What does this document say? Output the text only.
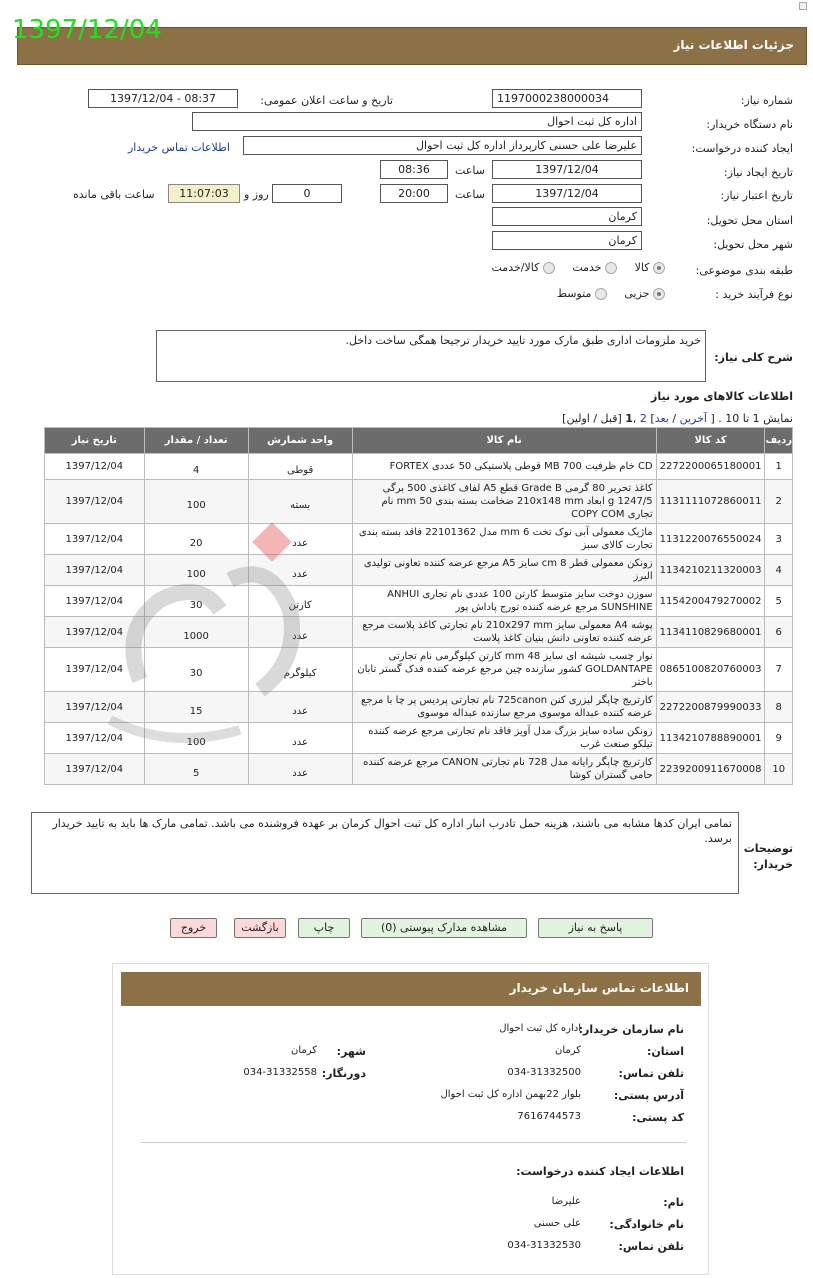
جزئیات اطلاعات نیاز
1397/12/04
شماره نیاز:
1197000238000034
تاریخ و ساعت اعلان عمومی:
1397/12/04 - 08:37
نام دستگاه خریدار:
اداره کل ثبت احوال
ایجاد کننده درخواست:
علیرضا علی حسنی کارپرداز اداره کل ثبت احوال
اطلاعات تماس خریدار
تاریخ ایجاد نیاز:
1397/12/04
ساعت
08:36
تاریخ اعتبار نیاز:
1397/12/04
ساعت
20:00
0
روز و
11:07:03
ساعت باقی مانده
استان محل تحویل:
کرمان
شهر محل تحویل:
کرمان
طبقه بندی موضوعی:
کالا  خدمت  کالا/خدمت
نوع فرآیند خرید :
جزیی  متوسط
شرح کلی نیاز:
خرید ملزومات اداری طبق مارک مورد تایید خریدار ترجیحا همگی ساخت داخل.
اطلاعات کالاهای مورد نیاز
نمایش 1 تا 10 . [ آخرین / بعد] 2 ,1 [قبل / اولین]
ردیف	کد کالا	نام کالا	واحد شمارش	تعداد / مقدار	تاریخ نیاز
1	2272200065180001	CD خام ظرفیت 700 MB قوطی پلاستیکی 50 عددی FORTEX	قوطی	4	1397/12/04
2	1131111072860011	کاغذ تحریر 80 گرمی Grade B قطع A5 لفاف کاغذی 500 برگی 1247/5 g ابعاد 210x148 mm ضخامت بسته بندی 50 mm نام تجاری COPY COM	بسته	100	1397/12/04
3	1131220076550024	ماژیک معمولی آبی نوک تخت 6 mm مدل 22101362 فاقد بسته بندی تجارت کالای سبز	عدد	20	1397/12/04
4	1134210211320003	زونکن معمولی قطر 8 cm سایز A5 مرجع عرضه کننده تعاونی تولیدی البرز	عدد	100	1397/12/04
5	1154200479270002	سوزن دوخت سایز متوسط کارتن 100 عددی نام تجاری ANHUI SUNSHINE مرجع عرضه کننده تورج پاداش پور	کارتن	30	1397/12/04
6	1134110829680001	پوشه A4 معمولی سایز 210x297 mm نام تجارتی کاغذ پلاست مرجع عرضه کننده تعاونی دانش بنیان کاغذ پلاست	عدد	1000	1397/12/04
7	0865100820760003	نوار چسب شیشه ای سایز 48 mm کارتن کیلوگرمی نام تجارتی GOLDANTAPE کشور سازنده چین مرجع عرضه کننده فدک گستر تابان باختر	کیلوگرم	30	1397/12/04
8	2272200879990033	کارتریج چاپگر لیزری کنن 725canon نام تجارتی پردیس پر چا با مرجع عرضه کننده عبداله موسوی مرجع سازنده عبداله موسوی	عدد	15	1397/12/04
9	1134210788890001	زونکن ساده سایز بزرگ مدل آویز فاقد نام تجارتی مرجع عرضه کننده تیلکو صنعت غرب	عدد	100	1397/12/04
10	2239200911670008	کارتریج چاپگر رایانه مدل 728 نام تجارتی CANON مرجع عرضه کننده حامی گستران کوشا	عدد	5	1397/12/04
توضیحات
خریدار:
تمامی ایران کدها مشابه می باشند، هزینه حمل تادرب انبار اداره کل ثبت احوال کرمان بر عهده فروشنده می باشد. تمامی مارک ها باید به تایید خریدار برسد.
پاسخ به نیاز
مشاهده مدارک پیوستی (0)
چاپ
بازگشت
خروج
اطلاعات تماس سازمان خریدار
نام سازمان خریدار:
اداره کل ثبت احوال
استان:
کرمان
شهر:
کرمان
تلفن تماس:
034-31332500
دورنگار:
034-31332558
آدرس پستی:
بلوار 22بهمن اداره کل ثبت احوال
کد پستی:
7616744573
اطلاعات ایجاد کننده درخواست:
نام:
علیرضا
نام خانوادگی:
علی حسنی
تلفن تماس:
034-31332530
